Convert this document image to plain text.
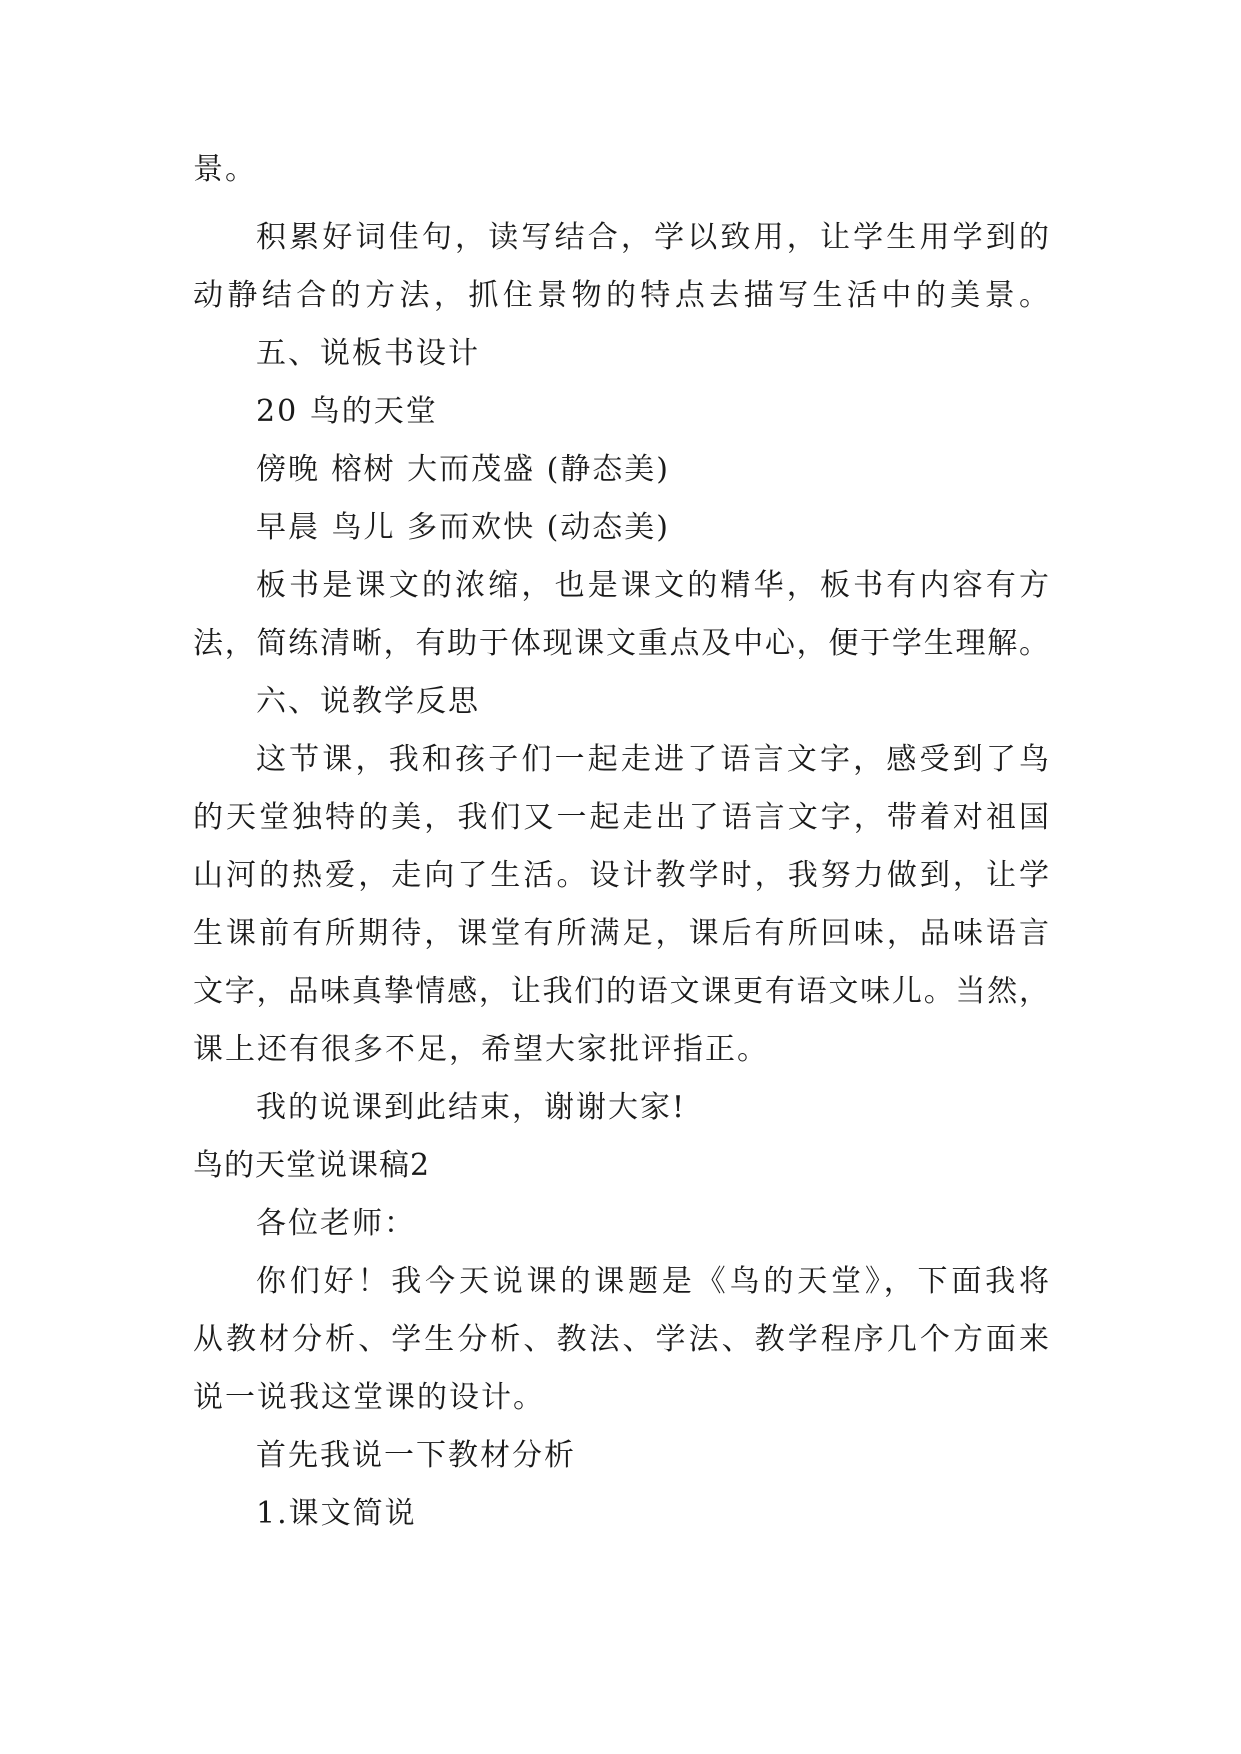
景。
积累好词佳句，读写结合，学以致用，让学生用学到的
动静结合的方法，抓住景物的特点去描写生活中的美景。
五、说板书设计
20 鸟的天堂
傍晚 榕树 大而茂盛 (静态美)
早晨 鸟儿 多而欢快 (动态美)
板书是课文的浓缩，也是课文的精华，板书有内容有方
法，简练清晰，有助于体现课文重点及中心，便于学生理解。
六、说教学反思
这节课，我和孩子们一起走进了语言文字，感受到了鸟
的天堂独特的美，我们又一起走出了语言文字，带着对祖国
山河的热爱，走向了生活。设计教学时，我努力做到，让学
生课前有所期待，课堂有所满足，课后有所回味，品味语言
文字，品味真挚情感，让我们的语文课更有语文味儿。当然，
课上还有很多不足，希望大家批评指正。
我的说课到此结束，谢谢大家!
鸟的天堂说课稿2
各位老师：
你们好！我今天说课的课题是《鸟的天堂》，下面我将
从教材分析、学生分析、教法、学法、教学程序几个方面来
说一说我这堂课的设计。
首先我说一下教材分析
1.课文简说
